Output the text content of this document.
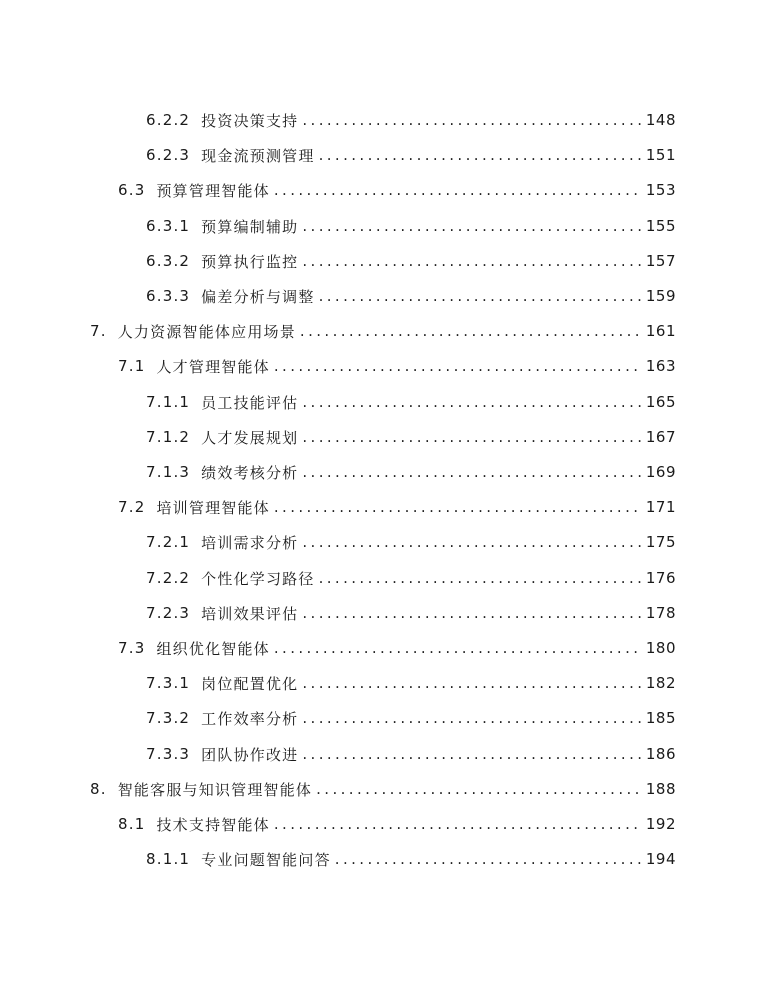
6.2.2 投资决策支持 .....	148
6.2.3 现金流预测管理 .....	151
6.3 预算管理智能体 .....	153
6.3.1 预算编制辅助 .....	155
6.3.2 预算执行监控 .....	157
6.3.3 偏差分析与调整 .....	159
7. 人力资源智能体应用场景 .....	161
7.1 人才管理智能体 .....	163
7.1.1 员工技能评估 .....	165
7.1.2 人才发展规划 .....	167
7.1.3 绩效考核分析 .....	169
7.2 培训管理智能体 .....	171
7.2.1 培训需求分析 .....	175
7.2.2 个性化学习路径 .....	176
7.2.3 培训效果评估 .....	178
7.3 组织优化智能体 .....	180
7.3.1 岗位配置优化 .....	182
7.3.2 工作效率分析 .....	185
7.3.3 团队协作改进 .....	186
8. 智能客服与知识管理智能体 .....	188
8.1 技术支持智能体 .....	192
8.1.1 专业问题智能问答 .....	194
